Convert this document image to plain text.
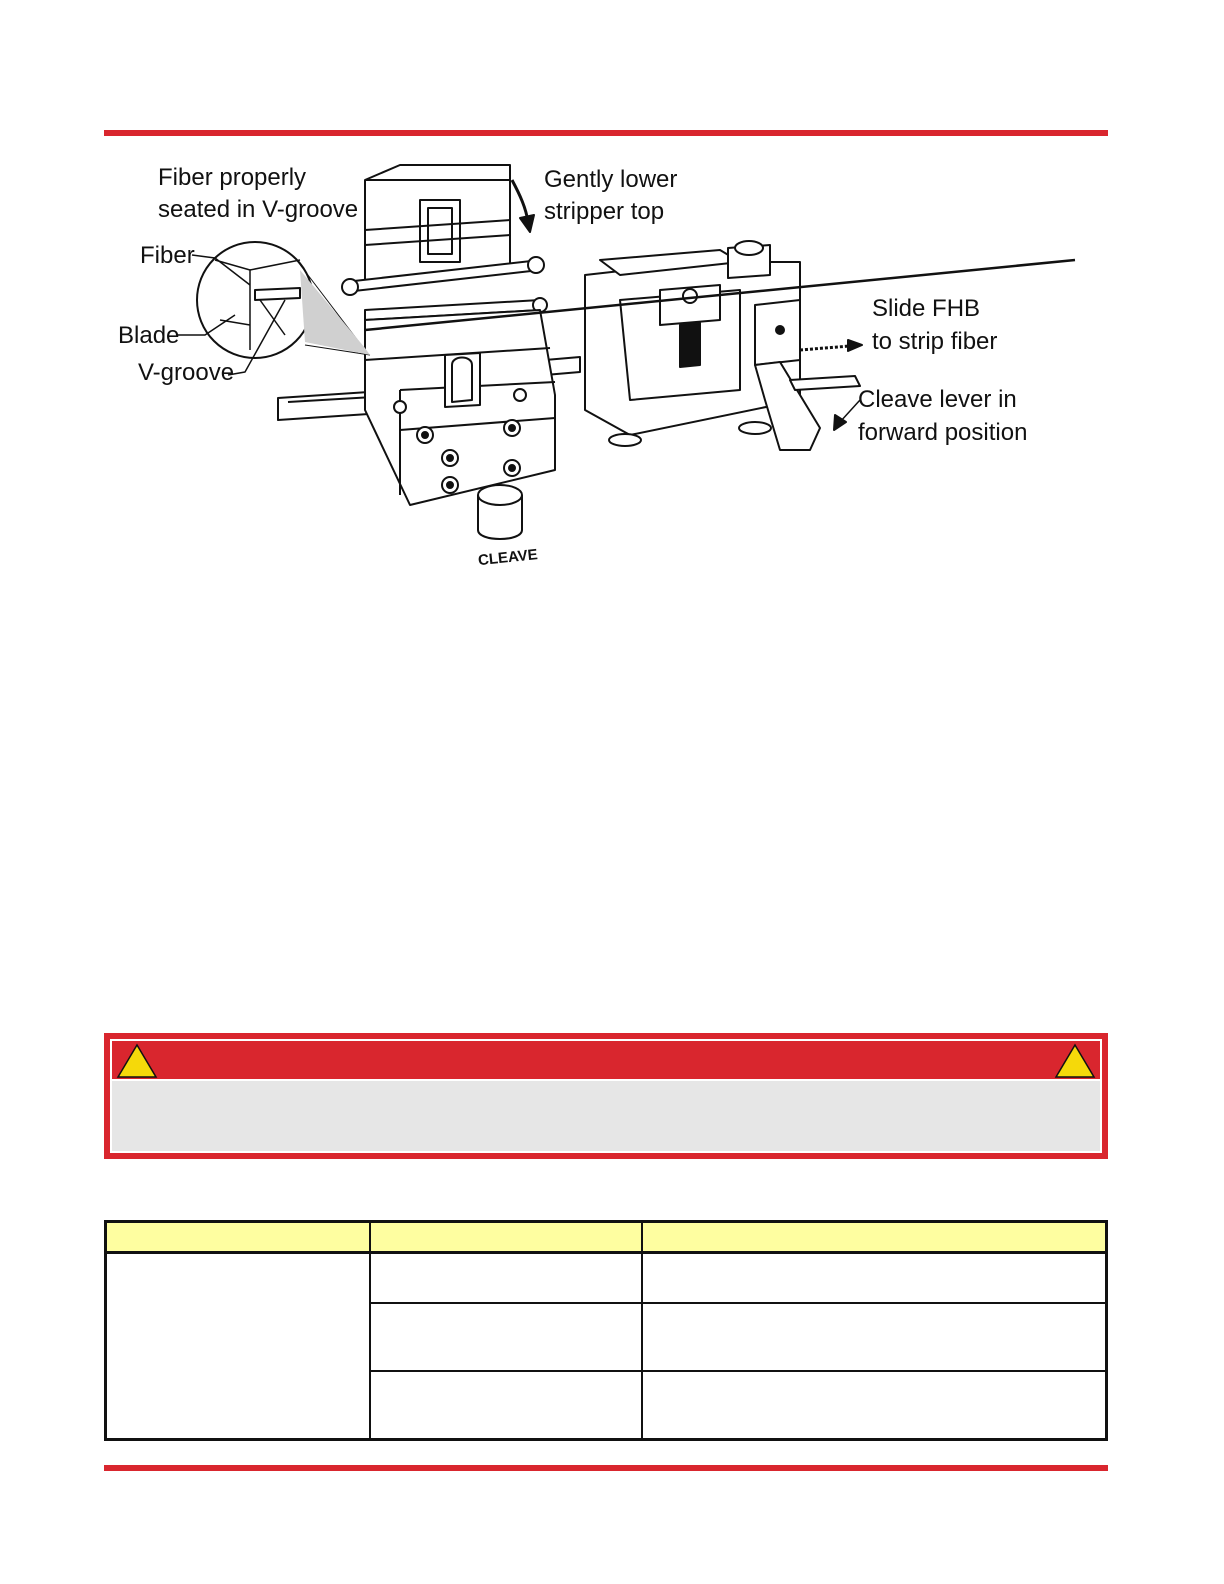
Fiber properly
seated in V-groove
Fiber
Blade
V-groove
Gently lower
stripper top
Slide FHB
to strip fiber
Cleave lever in
forward position
CLEAVE
